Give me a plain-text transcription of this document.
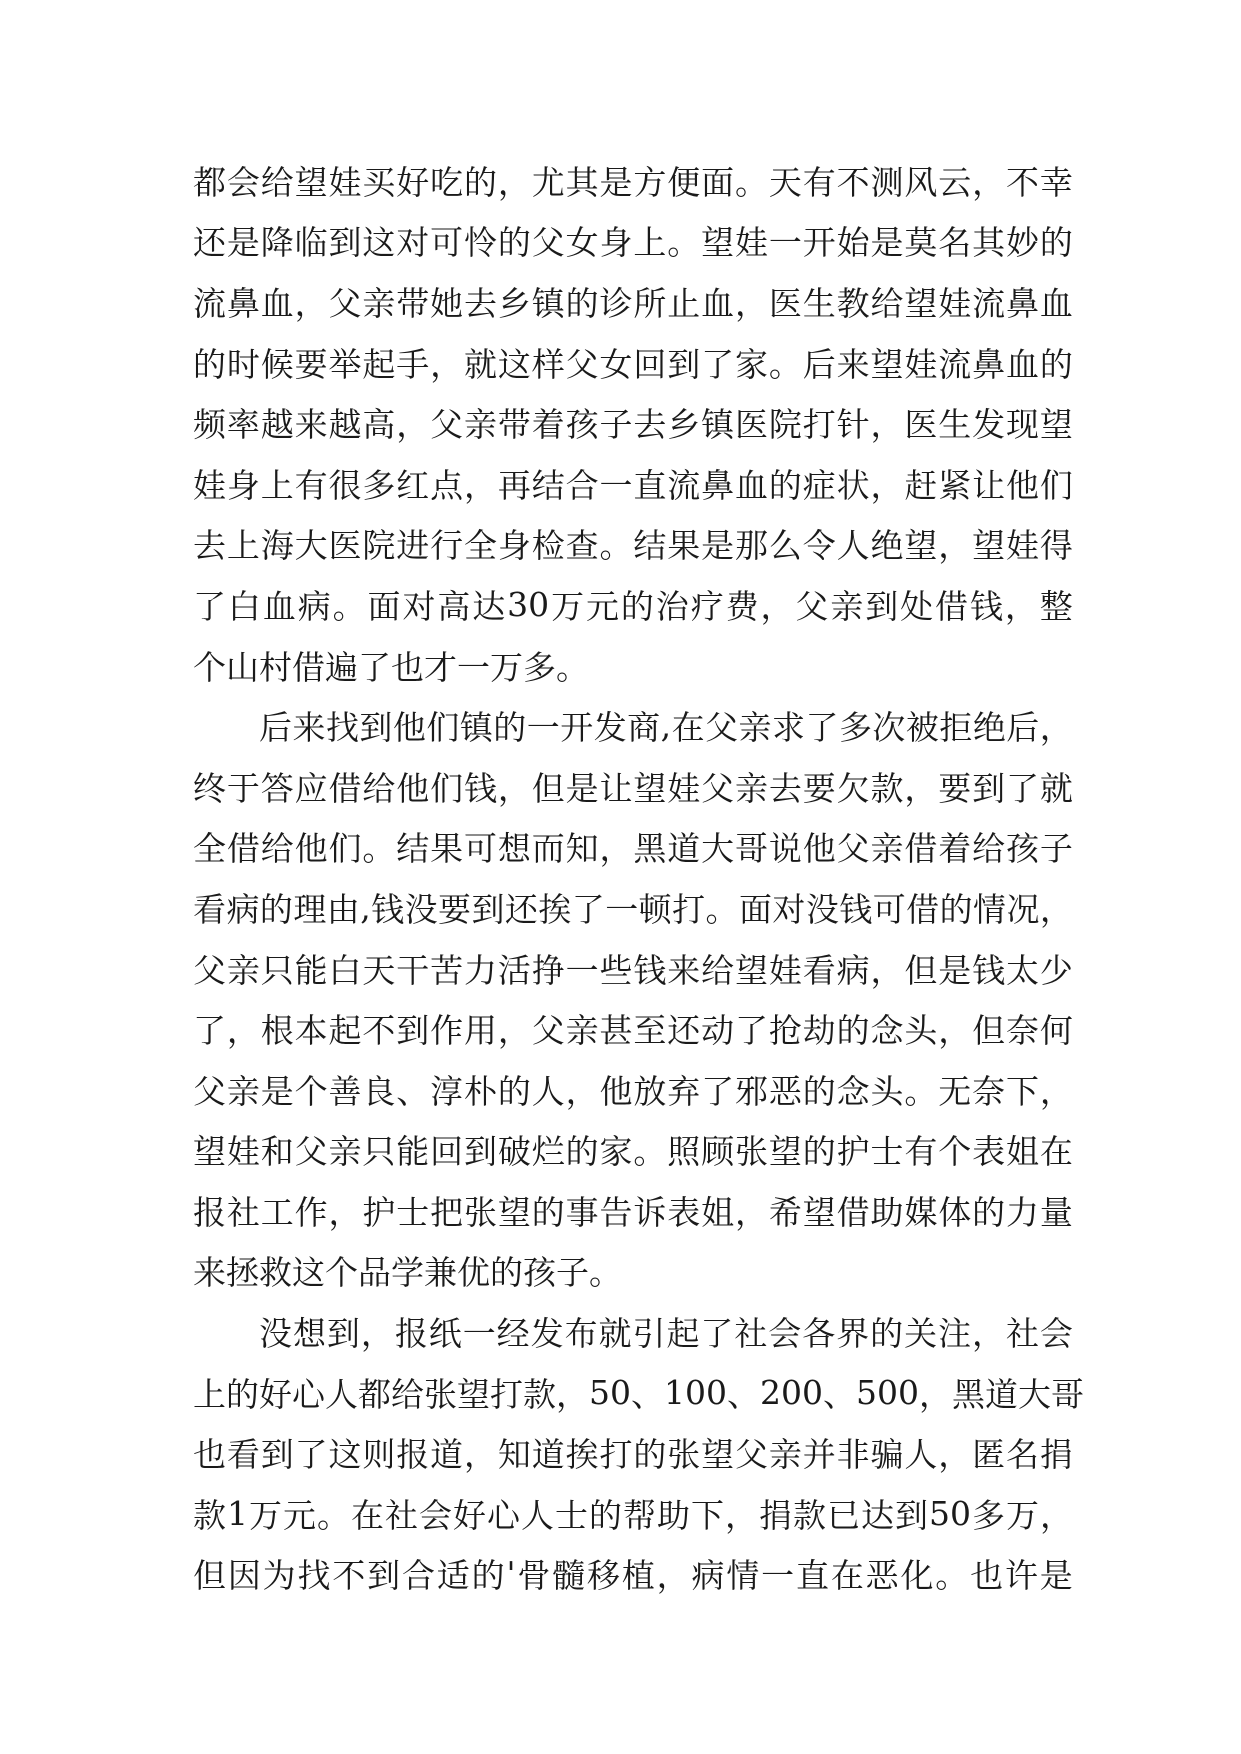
都 会 给 望 娃 买 好 吃 的 ， 尤 其 是 方 便 面 。 天 有 不 测 风 云 ， 不 幸
还 是 降 临 到 这 对 可 怜 的 父 女 身 上 。 望 娃 一 开 始 是 莫 名 其 妙 的
流 鼻 血 ， 父 亲 带 她 去 乡 镇 的 诊 所 止 血 ， 医 生 教 给 望 娃 流 鼻 血
的 时 候 要 举 起 手 ， 就 这 样 父 女 回 到 了 家 。 后 来 望 娃 流 鼻 血 的
频 率 越 来 越 高 ， 父 亲 带 着 孩 子 去 乡 镇 医 院 打 针 ， 医 生 发 现 望
娃 身 上 有 很 多 红 点 ， 再 结 合 一 直 流 鼻 血 的 症 状 ， 赶 紧 让 他 们
去 上 海 大 医 院 进 行 全 身 检 查 。 结 果 是 那 么 令 人 绝 望 ， 望 娃 得
了 白 血 病 。 面 对 高 达 30 万 元 的 治 疗 费 ， 父 亲 到 处 借 钱 ， 整
个山村借遍了也才一万多。
后 来 找 到 他 们 镇 的 一 开 发 商 , 在 父 亲 求 了 多 次 被 拒 绝 后 ，
终 于 答 应 借 给 他 们 钱 ， 但 是 让 望 娃 父 亲 去 要 欠 款 ， 要 到 了 就
全 借 给 他 们 。 结 果 可 想 而 知 ， 黑 道 大 哥 说 他 父 亲 借 着 给 孩 子
看 病 的 理 由 , 钱 没 要 到 还 挨 了 一 顿 打 。 面 对 没 钱 可 借 的 情 况 ，
父 亲 只 能 白 天 干 苦 力 活 挣 一 些 钱 来 给 望 娃 看 病 ， 但 是 钱 太 少
了 ， 根 本 起 不 到 作 用 ， 父 亲 甚 至 还 动 了 抢 劫 的 念 头 ， 但 奈 何
父 亲 是 个 善 良 、 淳 朴 的 人 ， 他 放 弃 了 邪 恶 的 念 头 。 无 奈 下 ，
望 娃 和 父 亲 只 能 回 到 破 烂 的 家 。 照 顾 张 望 的 护 士 有 个 表 姐 在
报 社 工 作 ， 护 士 把 张 望 的 事 告 诉 表 姐 ， 希 望 借 助 媒 体 的 力 量
来拯救这个品学兼优的孩子。
没 想 到 ， 报 纸 一 经 发 布 就 引 起 了 社 会 各 界 的 关 注 ， 社 会
上 的 好 心 人 都 给 张 望 打 款 ， 50 、 100 、 200 、 500 ， 黑 道 大 哥
也 看 到 了 这 则 报 道 ， 知 道 挨 打 的 张 望 父 亲 并 非 骗 人 ， 匿 名 捐
款 1 万 元 。 在 社 会 好 心 人 士 的 帮 助 下 ， 捐 款 已 达 到 50 多 万 ，
但 因 为 找 不 到 合 适 的 ' 骨 髓 移 植 ， 病 情 一 直 在 恶 化 。 也 许 是
